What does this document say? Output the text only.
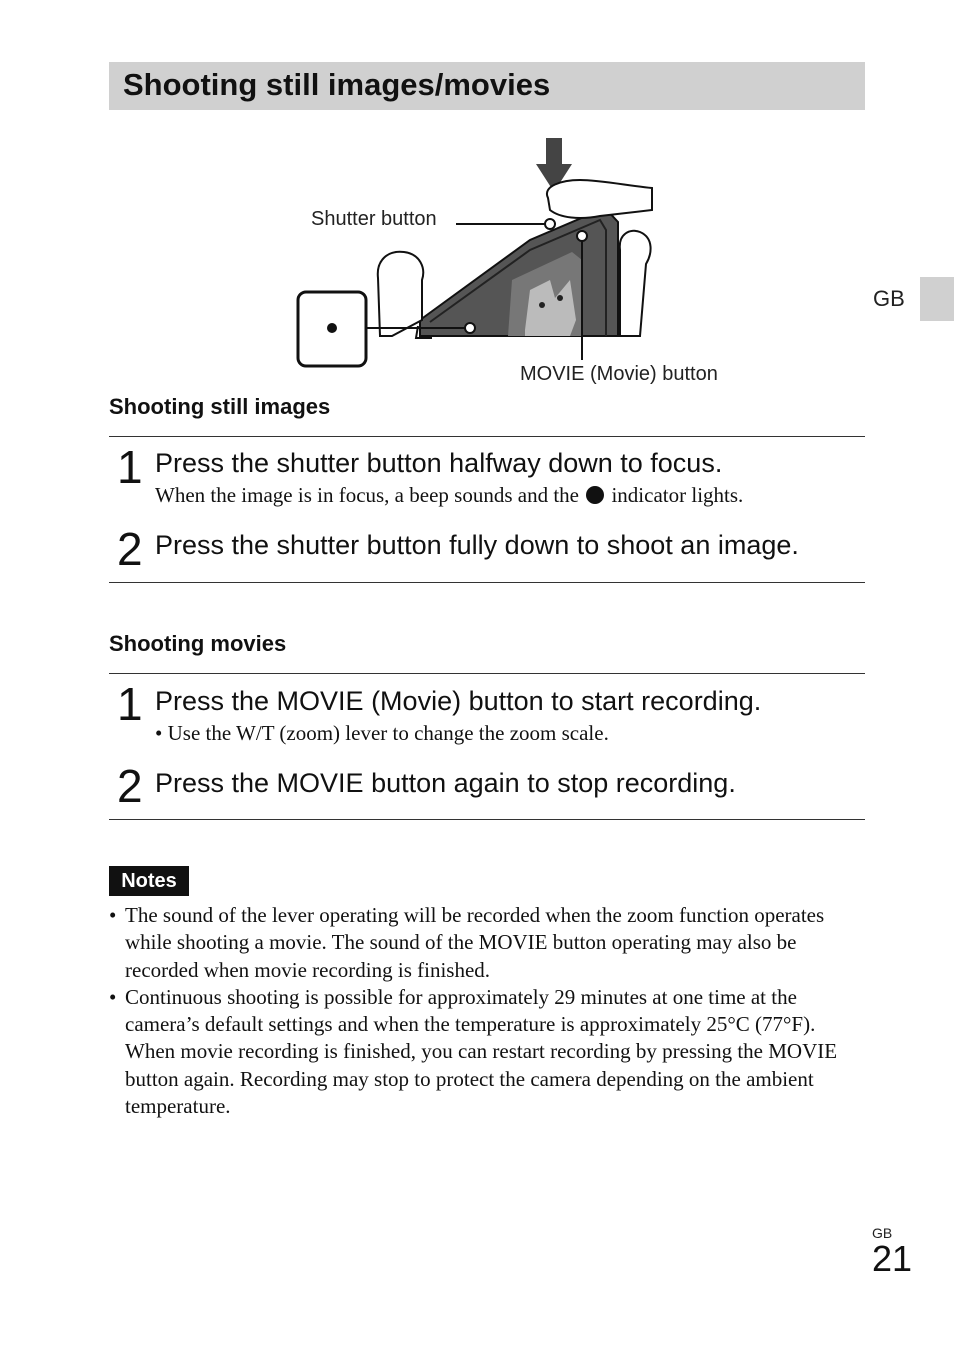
Shooting still images/movies
GB
Shutter button
MOVIE (Movie) button
Shooting still images
1 Press the shutter button halfway down to focus.
When the image is in focus, a beep sounds and the indicator lights.
2 Press the shutter button fully down to shoot an image.
Shooting movies
1 Press the MOVIE (Movie) button to start recording.
• Use the W/T (zoom) lever to change the zoom scale.
2 Press the MOVIE button again to stop recording.
Notes
• The sound of the lever operating will be recorded when the zoom function operates while shooting a movie. The sound of the MOVIE button operating may also be recorded when movie recording is finished.
• Continuous shooting is possible for approximately 29 minutes at one time at the camera’s default settings and when the temperature is approximately 25°C (77°F). When movie recording is finished, you can restart recording by pressing the MOVIE button again. Recording may stop to protect the camera depending on the ambient temperature.
GB
21
